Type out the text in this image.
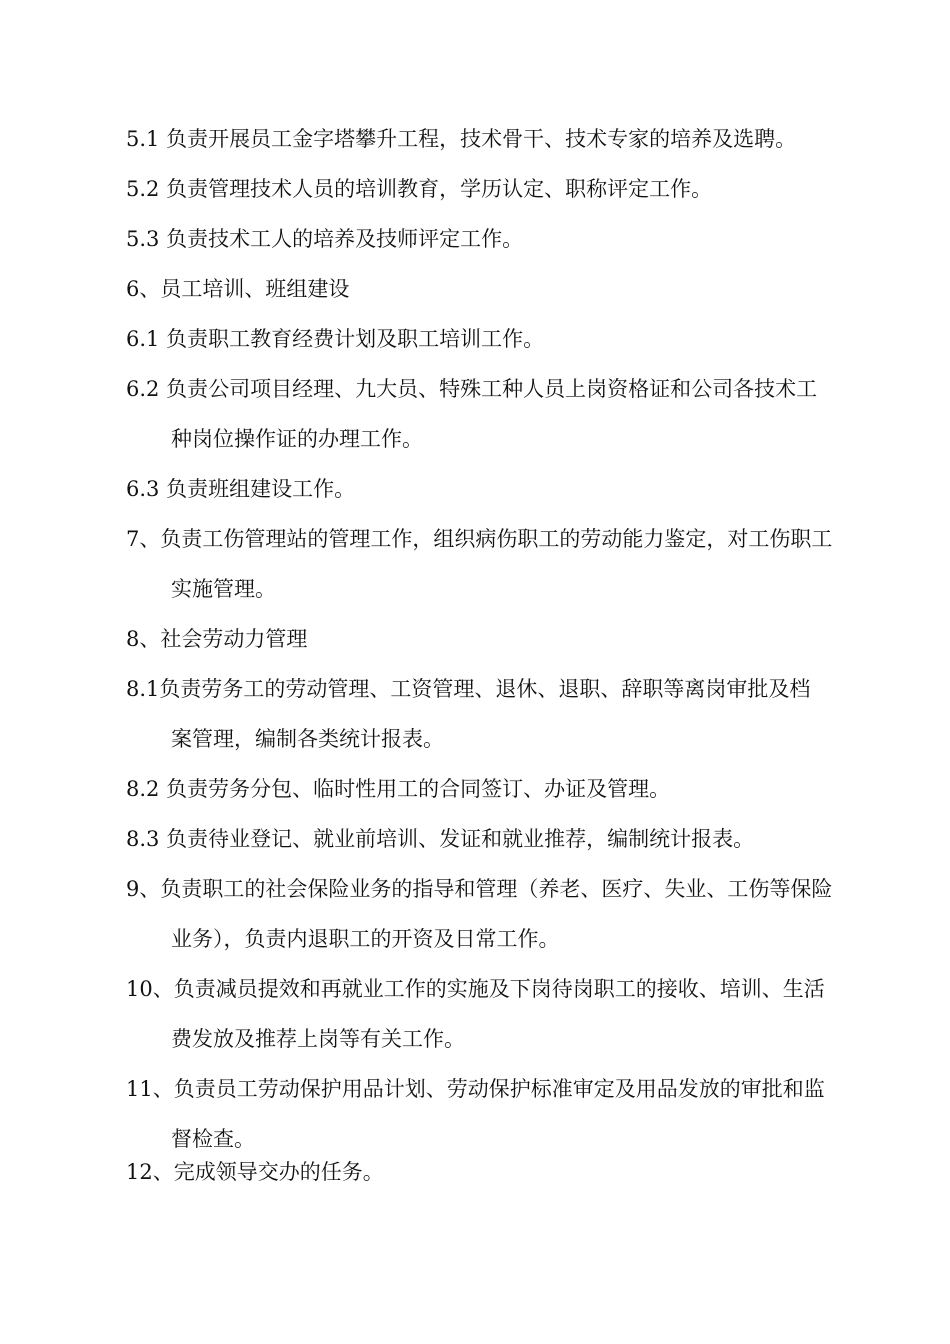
5.1 负责开展员工金字塔攀升工程，技术骨干、技术专家的培养及选聘。
5.2 负责管理技术人员的培训教育，学历认定、职称评定工作。
5.3 负责技术工人的培养及技师评定工作。
6、员工培训、班组建设
6.1 负责职工教育经费计划及职工培训工作。
6.2 负责公司项目经理、九大员、特殊工种人员上岗资格证和公司各技术工
种岗位操作证的办理工作。
6.3 负责班组建设工作。
7、负责工伤管理站的管理工作，组织病伤职工的劳动能力鉴定，对工伤职工
实施管理。
8、社会劳动力管理
8.1负责劳务工的劳动管理、工资管理、退休、退职、辞职等离岗审批及档
案管理，编制各类统计报表。
8.2 负责劳务分包、临时性用工的合同签订、办证及管理。
8.3 负责待业登记、就业前培训、发证和就业推荐，编制统计报表。
9、负责职工的社会保险业务的指导和管理（养老、医疗、失业、工伤等保险
业务），负责内退职工的开资及日常工作。
10、负责减员提效和再就业工作的实施及下岗待岗职工的接收、培训、生活
费发放及推荐上岗等有关工作。
11、负责员工劳动保护用品计划、劳动保护标准审定及用品发放的审批和监
督检查。
12、完成领导交办的任务。
